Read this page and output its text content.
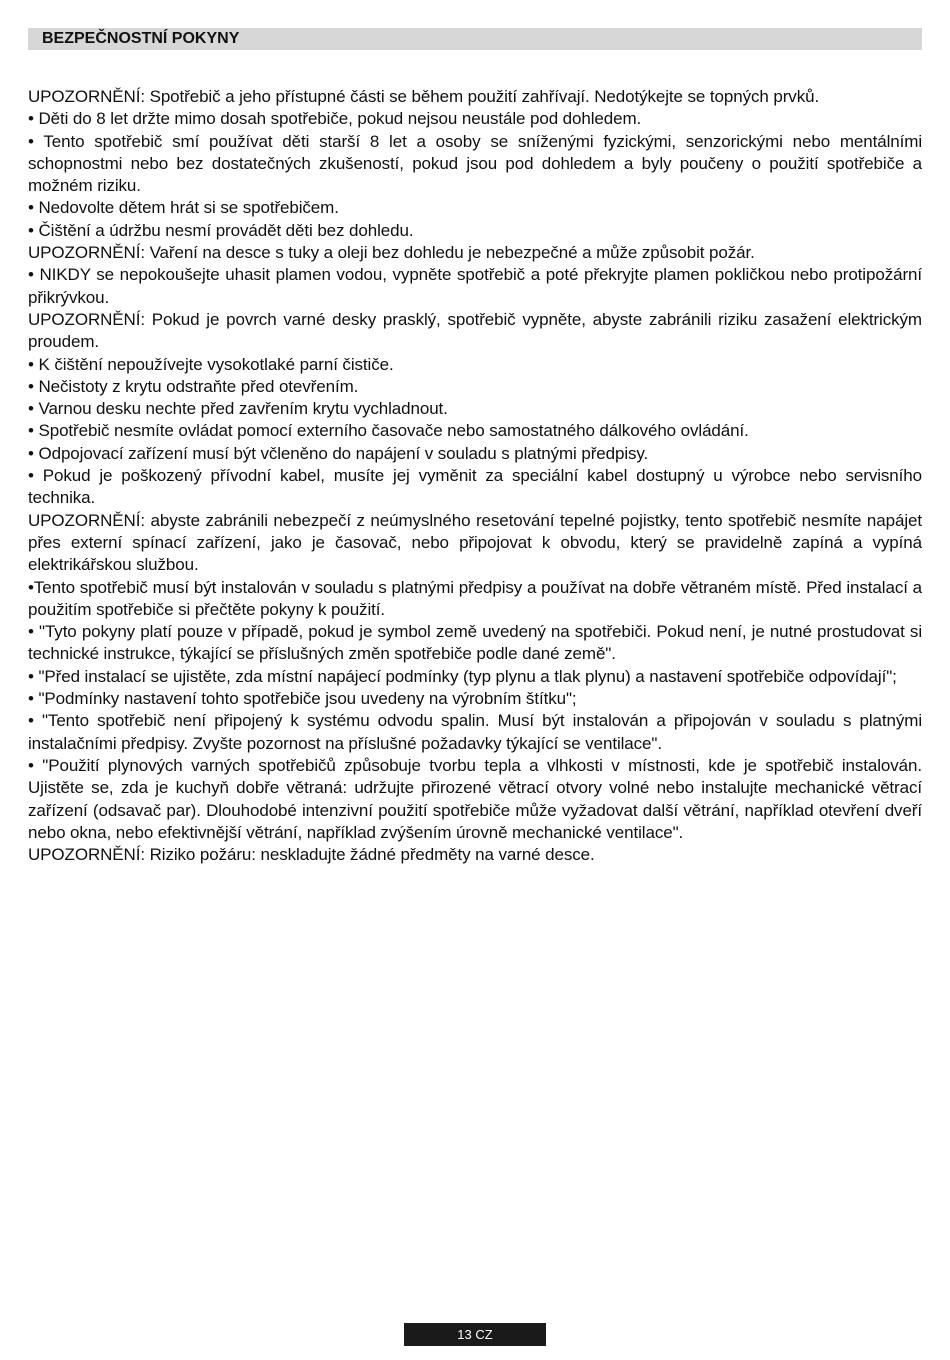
BEZPEČNOSTNÍ POKYNY

UPOZORNĚNÍ: Spotřebič a jeho přístupné části se během použití zahřívají. Nedotýkejte se topných prvků.

• Děti do 8 let držte mimo dosah spotřebiče, pokud nejsou neustále pod dohledem.

• Tento spotřebič smí používat děti starší 8 let a osoby se sníženými fyzickými, senzorickými nebo mentálními schopnostmi nebo bez dostatečných zkušeností, pokud jsou pod dohledem a byly poučeny o použití spotřebiče a možném riziku.

• Nedovolte dětem hrát si se spotřebičem.

• Čištění a údržbu nesmí provádět děti bez dohledu.

UPOZORNĚNÍ: Vaření na desce s tuky a oleji bez dohledu je nebezpečné a může způsobit požár.

• NIKDY se nepokoušejte uhasit plamen vodou, vypněte spotřebič a poté překryjte plamen pokličkou nebo protipožární přikrývkou.

UPOZORNĚNÍ: Pokud je povrch varné desky prasklý, spotřebič vypněte, abyste zabránili riziku zasažení elektrickým proudem.

• K čištění nepoužívejte vysokotlaké parní čističe.

• Nečistoty z krytu odstraňte před otevřením.

• Varnou desku nechte před zavřením krytu vychladnout.

• Spotřebič nesmíte ovládat pomocí externího časovače nebo samostatného dálkového ovládání.

• Odpojovací zařízení musí být včleněno do napájení v souladu s platnými předpisy.

• Pokud je poškozený přívodní kabel, musíte jej vyměnit za speciální kabel dostupný u výrobce nebo servisního technika.

UPOZORNĚNÍ: abyste zabránili nebezpečí z neúmyslného resetování tepelné pojistky, tento spotřebič nesmíte napájet přes externí spínací zařízení, jako je časovač, nebo připojovat k obvodu, který se pravidelně zapíná a vypíná elektrikářskou službou.

•Tento spotřebič musí být instalován v souladu s platnými předpisy a používat na dobře větraném místě. Před instalací a použitím spotřebiče si přečtěte pokyny k použití.

• "Tyto pokyny platí pouze v případě, pokud je symbol země uvedený na spotřebiči. Pokud není, je nutné prostudovat si technické instrukce, týkající se příslušných změn spotřebiče podle dané země".

• "Před instalací se ujistěte, zda místní napájecí podmínky (typ plynu a tlak plynu) a nastavení spotřebiče odpovídají";

• "Podmínky nastavení tohto spotřebiče jsou uvedeny na výrobním štítku";

• "Tento spotřebič není připojený k systému odvodu spalin. Musí být instalován a připojován v souladu s platnými instalačními předpisy. Zvyšte pozornost na příslušné požadavky týkající se ventilace".

• "Použití plynových varných spotřebičů způsobuje tvorbu tepla a vlhkosti v místnosti, kde je spotřebič instalován. Ujistěte se, zda je kuchyň dobře větraná: udržujte přirozené větrací otvory volné nebo instalujte mechanické větrací zařízení (odsavač par). Dlouhodobé intenzivní použití spotřebiče může vyžadovat další větrání, například otevření dveří nebo okna, nebo efektivnější větrání, například zvýšením úrovně mechanické ventilace".

UPOZORNĚNÍ: Riziko požáru: neskladujte žádné předměty na varné desce.

13 CZ
